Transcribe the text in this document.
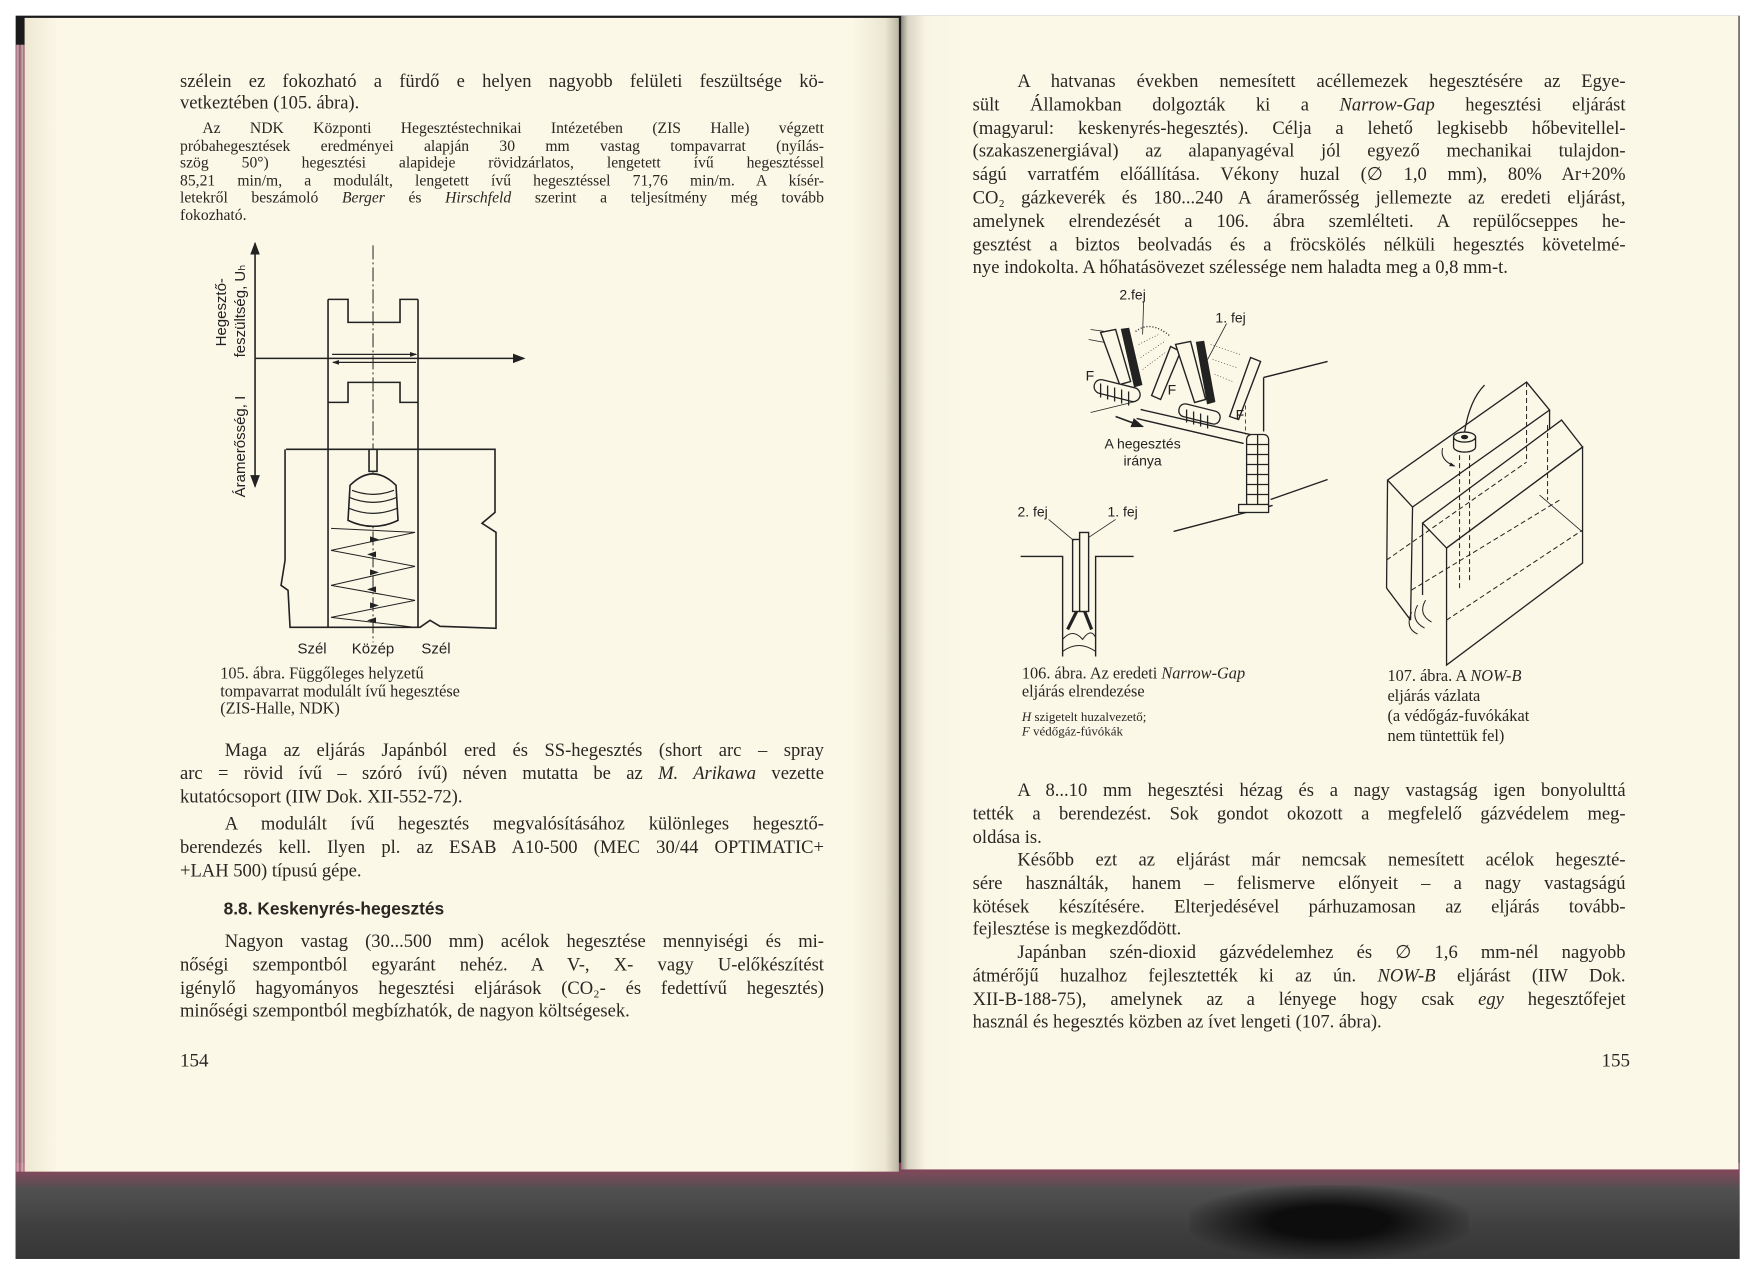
szélein ez fokozható a fürdő e helyen nagyobb felületi feszültsége kö-
vetkeztében (105. ábra).
Az NDK Központi Hegesztéstechnikai Intézetében (ZIS Halle) végzett
próbahegesztések eredményei alapján 30 mm vastag tompavarrat (nyílás-
szög 50°) hegesztési alapideje rövidzárlatos, lengetett ívű hegesztéssel
85,21 min/m, a modulált, lengetett ívű hegesztéssel 71,76 min/m. A kísér-
letekről beszámoló Berger és Hirschfeld szerint a teljesítmény még tovább
fokozható.
Hegesztő- feszültség, Uₕ
Áramerősség, I
Szél Közép Szél
105. ábra. Függőleges helyzetű
tompavarrat modulált ívű hegesztése
(ZIS-Halle, NDK)
Maga az eljárás Japánból ered és SS-hegesztés (short arc – spray
arc = rövid ívű – szóró ívű) néven mutatta be az M. Arikawa vezette
kutatócsoport (IIW Dok. XII-552-72).
A modulált ívű hegesztés megvalósításához különleges hegesztő-
berendezés kell. Ilyen pl. az ESAB A10-500 (MEC 30/44 OPTIMATIC+
+LAH 500) típusú gépe.
8.8. Keskenyrés-hegesztés
Nagyon vastag (30...500 mm) acélok hegesztése mennyiségi és mi-
nőségi szempontból egyaránt nehéz. A V-, X- vagy U-előkészítést
igénylő hagyományos hegesztési eljárások (CO₂- és fedettívű hegesztés)
minőségi szempontból megbízhatók, de nagyon költségesek.
154
A hatvanas években nemesített acéllemezek hegesztésére az Egye-
sült Államokban dolgozták ki a Narrow-Gap hegesztési eljárást
(magyarul: keskenyrés-hegesztés). Célja a lehető legkisebb hőbevitellel-
(szakaszenergiával) az alapanyagéval jól egyező mechanikai tulajdon-
ságú varratfém előállítása. Vékony huzal (∅ 1,0 mm), 80% Ar+20%
CO₂ gázkeverék és 180...240 A áramerősség jellemezte az eredeti eljárást,
amelynek elrendezését a 106. ábra szemlélteti. A repülőcseppes he-
gesztést a biztos beolvadás és a fröcskölés nélküli hegesztés követelmé-
nye indokolta. A hőhatásövezet szélessége nem haladta meg a 0,8 mm-t.
2.fej
1. fej
F
F
F
A hegesztés
iránya
2. fej	1. fej
106. ábra. Az eredeti Narrow-Gap
eljárás elrendezése
H szigetelt huzalvezető;
F védőgáz-fúvókák
107. ábra. A NOW-B
eljárás vázlata
(a védőgáz-fuvókákat
nem tüntettük fel)
A 8...10 mm hegesztési hézag és a nagy vastagság igen bonyolulttá
tették a berendezést. Sok gondot okozott a megfelelő gázvédelem meg-
oldása is.
Később ezt az eljárást már nemcsak nemesített acélok hegeszté-
sére használták, hanem – felismerve előnyeit – a nagy vastagságú
kötések készítésére. Elterjedésével párhuzamosan az eljárás tovább-
fejlesztése is megkezdődött.
Japánban szén-dioxid gázvédelemhez és ∅ 1,6 mm-nél nagyobb
átmérőjű huzalhoz fejlesztették ki az ún. NOW-B eljárást (IIW Dok.
XII-B-188-75), amelynek az a lényege hogy csak egy hegesztőfejet
használ és hegesztés közben az ívet lengeti (107. ábra).
155
